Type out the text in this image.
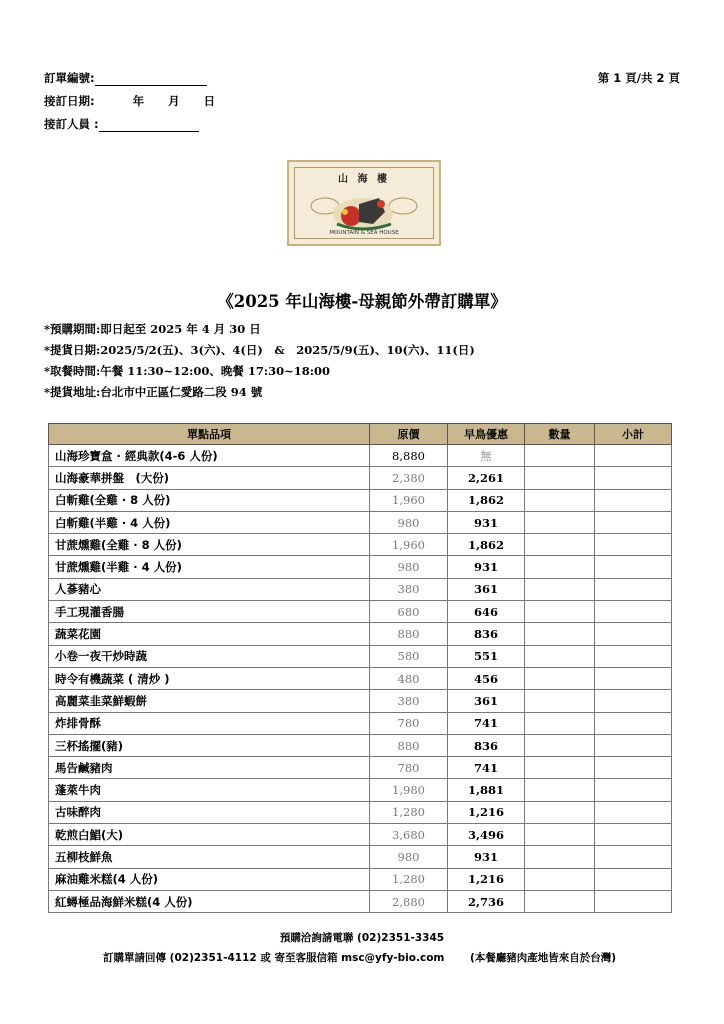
訂單編號:
接訂日期:	年 月 日
接訂人員 :
第 1 頁/共 2 頁
山 海 樓
MOUNTAIN & SEA HOUSE
《2025 年山海樓-母親節外帶訂購單》
*預購期間:即日起至 2025 年 4 月 30 日
*提貨日期:2025/5/2(五)、3(六)、4(日)　&　2025/5/9(五)、10(六)、11(日)
*取餐時間:午餐 11:30~12:00、晚餐 17:30~18:00
*提貨地址:台北市中正區仁愛路二段 94 號
單點品項	原價	早鳥優惠	數量	小計
山海珍寶盒 · 經典款(4-6 人份)	8,880	無		
山海豪華拼盤　(大份)	2,380	2,261		
白斬雞(全雞 · 8 人份)	1,960	1,862		
白斬雞(半雞 · 4 人份)	980	931		
甘蔗燻雞(全雞 · 8 人份)	1,960	1,862		
甘蔗燻雞(半雞 · 4 人份)	980	931		
人蔘豬心	380	361		
手工現灌香腸	680	646		
蔬菜花園	880	836		
小卷一夜干炒時蔬	580	551		
時令有機蔬菜 ( 清炒 )	480	456		
高麗菜韭菜鮮蝦餅	380	361		
炸排骨酥	780	741		
三杯搖擺(豬)	880	836		
馬告鹹豬肉	780	741		
蓬萊牛肉	1,980	1,881		
古味醉肉	1,280	1,216		
乾煎白鯧(大)	3,680	3,496		
五柳枝鮮魚	980	931		
麻油雞米糕(4 人份)	1,280	1,216		
紅蟳極品海鮮米糕(4 人份)	2,880	2,736		
預購洽詢請電聯 (02)2351-3345
訂購單請回傳 (02)2351-4112 或 寄至客服信箱 msc@yfy-bio.com (本餐廳豬肉產地皆來自於台灣)
